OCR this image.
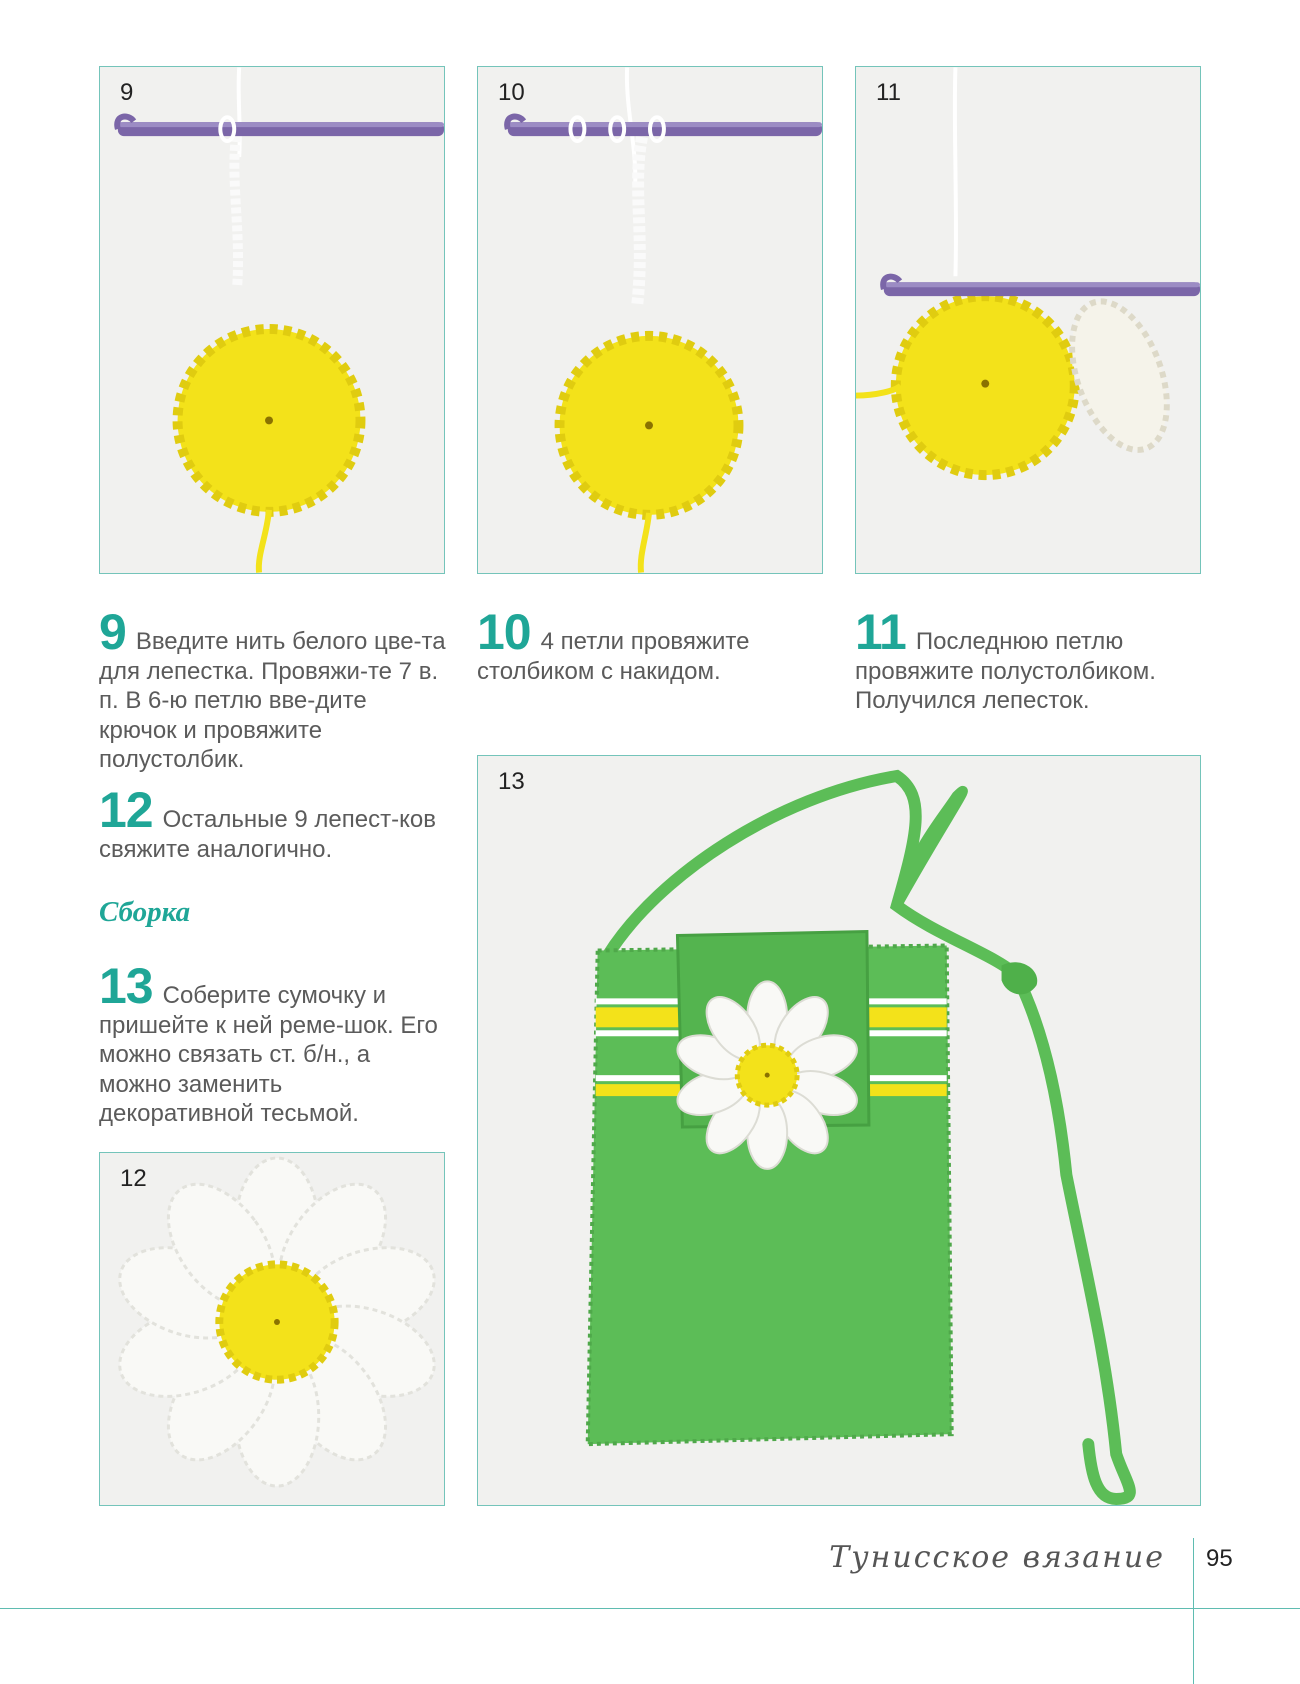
9	10	11
12
13
9 Введите нить белого цве-та для лепестка. Провяжи-те 7 в. п. В 6-ю петлю вве-дите крючок и провяжите полустолбик.
10 4 петли провяжите столбиком с накидом.
11 Последнюю петлю провяжите полустолбиком. Получился лепесток.
12 Остальные 9 лепест-ков свяжите аналогично.
Сборка
13 Соберите сумочку и пришейте к ней реме-шок. Его можно связать ст. б/н., а можно заменить декоративной тесьмой.
Тунисское вязание 95
